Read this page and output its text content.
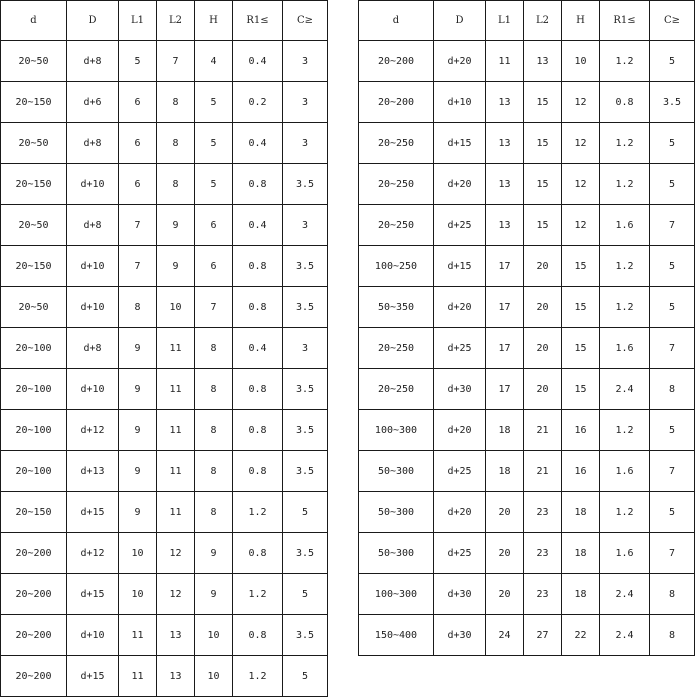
d	D	L1	L2	H	R1≤	C≥
20~50	d+8	5	7	4	0.4	3
20~150	d+6	6	8	5	0.2	3
20~50	d+8	6	8	5	0.4	3
20~150	d+10	6	8	5	0.8	3.5
20~50	d+8	7	9	6	0.4	3
20~150	d+10	7	9	6	0.8	3.5
20~50	d+10	8	10	7	0.8	3.5
20~100	d+8	9	11	8	0.4	3
20~100	d+10	9	11	8	0.8	3.5
20~100	d+12	9	11	8	0.8	3.5
20~100	d+13	9	11	8	0.8	3.5
20~150	d+15	9	11	8	1.2	5
20~200	d+12	10	12	9	0.8	3.5
20~200	d+15	10	12	9	1.2	5
20~200	d+10	11	13	10	0.8	3.5
20~200	d+15	11	13	10	1.2	5
d	D	L1	L2	H	R1≤	C≥
20~200	d+20	11	13	10	1.2	5
20~200	d+10	13	15	12	0.8	3.5
20~250	d+15	13	15	12	1.2	5
20~250	d+20	13	15	12	1.2	5
20~250	d+25	13	15	12	1.6	7
100~250	d+15	17	20	15	1.2	5
50~350	d+20	17	20	15	1.2	5
20~250	d+25	17	20	15	1.6	7
20~250	d+30	17	20	15	2.4	8
100~300	d+20	18	21	16	1.2	5
50~300	d+25	18	21	16	1.6	7
50~300	d+20	20	23	18	1.2	5
50~300	d+25	20	23	18	1.6	7
100~300	d+30	20	23	18	2.4	8
150~400	d+30	24	27	22	2.4	8
